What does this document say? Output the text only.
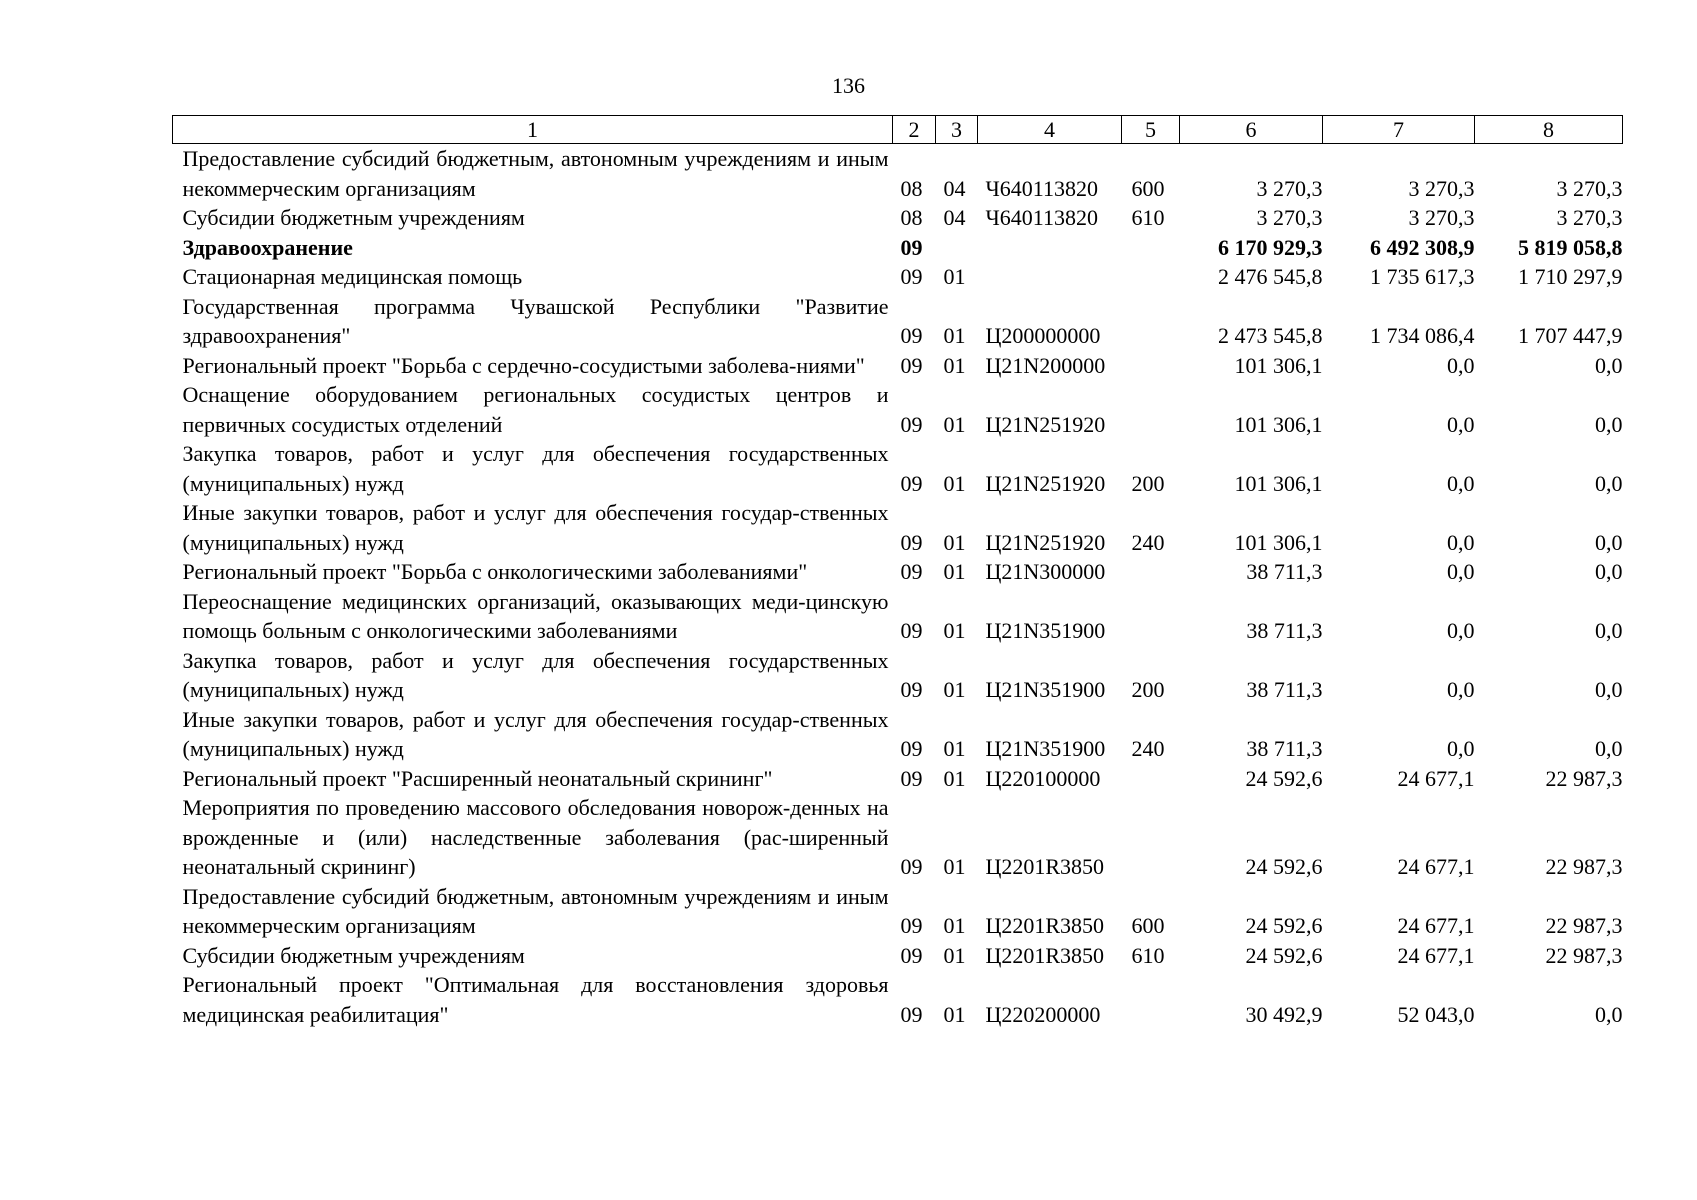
136
1	2	3	4	5	6	7	8
Предоставление субсидий бюджетным, автономным учреждениям и иным некоммерческим организациям	08	04	Ч640113820	600	3 270,3	3 270,3	3 270,3
Субсидии бюджетным учреждениям	08	04	Ч640113820	610	3 270,3	3 270,3	3 270,3
Здравоохранение	09				6 170 929,3	6 492 308,9	5 819 058,8
Стационарная медицинская помощь	09	01			2 476 545,8	1 735 617,3	1 710 297,9
Государственная программа Чувашской Республики "Развитие здравоохранения"	09	01	Ц200000000		2 473 545,8	1 734 086,4	1 707 447,9
Региональный проект "Борьба с сердечно-сосудистыми заболева-ниями"	09	01	Ц21N200000		101 306,1	0,0	0,0
Оснащение оборудованием региональных сосудистых центров и первичных сосудистых отделений	09	01	Ц21N251920		101 306,1	0,0	0,0
Закупка товаров, работ и услуг для обеспечения государственных (муниципальных) нужд	09	01	Ц21N251920	200	101 306,1	0,0	0,0
Иные закупки товаров, работ и услуг для обеспечения государ-ственных (муниципальных) нужд	09	01	Ц21N251920	240	101 306,1	0,0	0,0
Региональный проект "Борьба с онкологическими заболеваниями"	09	01	Ц21N300000		38 711,3	0,0	0,0
Переоснащение медицинских организаций, оказывающих меди-цинскую помощь больным с онкологическими заболеваниями	09	01	Ц21N351900		38 711,3	0,0	0,0
Закупка товаров, работ и услуг для обеспечения государственных (муниципальных) нужд	09	01	Ц21N351900	200	38 711,3	0,0	0,0
Иные закупки товаров, работ и услуг для обеспечения государ-ственных (муниципальных) нужд	09	01	Ц21N351900	240	38 711,3	0,0	0,0
Региональный проект "Расширенный неонатальный скрининг"	09	01	Ц220100000		24 592,6	24 677,1	22 987,3
Мероприятия по проведению массового обследования новорож-денных на врожденные и (или) наследственные заболевания (рас-ширенный неонатальный скрининг)	09	01	Ц2201R3850		24 592,6	24 677,1	22 987,3
Предоставление субсидий бюджетным, автономным учреждениям и иным некоммерческим организациям	09	01	Ц2201R3850	600	24 592,6	24 677,1	22 987,3
Субсидии бюджетным учреждениям	09	01	Ц2201R3850	610	24 592,6	24 677,1	22 987,3
Региональный проект "Оптимальная для восстановления здоровья медицинская реабилитация"	09	01	Ц220200000		30 492,9	52 043,0	0,0
